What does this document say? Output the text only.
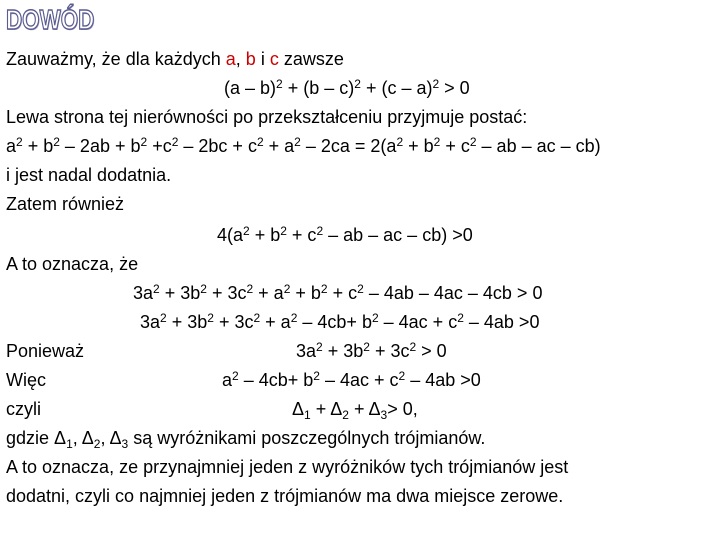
DOWÓD
Zauważmy, że dla każdych a, b i c zawsze
(a – b)$^2$ + (b – c)$^2$ + (c – a)$^2$ > 0
Lewa strona tej nierówności po przekształceniu przyjmuje postać:
$a^2 + b^2 - 2ab + b^2 +c^2 - 2bc + c^2 + a^2 - 2ca = 2(a^2 + b^2 + c^2$ – ab – ac – cb)
i jest nadal dodatnia.
Zatem również
$4(a^2 + b^2 + c^2$ – ab – ac – cb) >0
A to oznacza, że
$3a^2 + 3b^2 + 3c^2 + a^2 + b^2 + c^2 - 4ab - 4ac - 4cb > 0$
$3a^2 + 3b^2 + 3c^2 + a^2 - 4cb+ b^2 - 4ac + c^2 - 4ab >0$
Ponieważ	$3a^2 + 3b^2 + 3c^2 > 0$
Więc	$a^2 - 4cb+ b^2 - 4ac + c^2 - 4ab >0$
czyli	$\Delta_1 + \Delta_2 + \Delta_3> 0$,
gdzie $\Delta_1$, $\Delta_2$, $\Delta_3$ są wyróżnikami poszczególnych trójmianów.
A to oznacza, ze przynajmniej jeden z wyróżników tych trójmianów jest
dodatni, czyli co najmniej jeden z trójmianów ma dwa miejsce zerowe.
